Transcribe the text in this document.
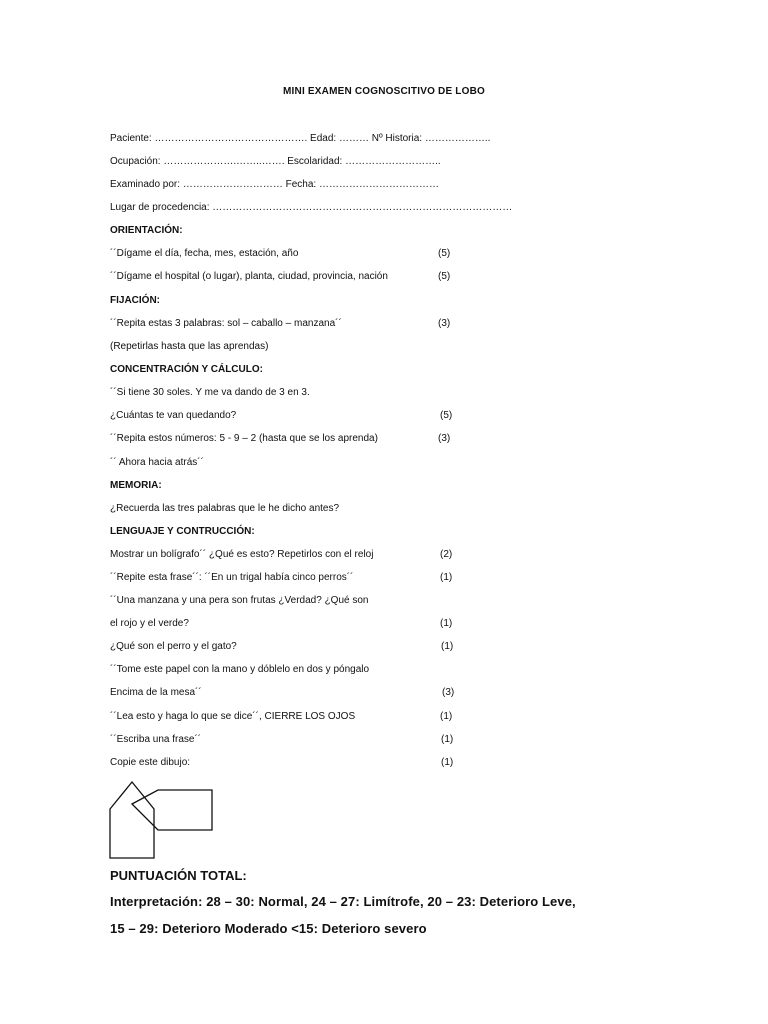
MINI EXAMEN COGNOSCITIVO DE LOBO
Paciente: ………………………………………. Edad: ……… Nº Historia: ………………..
Ocupación: ………………….……..……. Escolaridad: ………………………..
Examinado por: ………………………… Fecha: ………………………………
Lugar de procedencia: ………………………………………………………………………………
ORIENTACIÓN:
´´Dígame el día, fecha, mes, estación, año	(5)
´´Dígame el hospital (o lugar), planta, ciudad, provincia, nación	(5)
FIJACIÓN:
´´Repita estas 3 palabras: sol – caballo – manzana´´	(3)
(Repetirlas hasta que las aprendas)
CONCENTRACIÓN Y CÁLCULO:
´´Si tiene 30 soles. Y me va dando de 3 en 3.
¿Cuántas te van quedando?	(5)
´´Repita estos números: 5 - 9 – 2 (hasta que se los aprenda)	(3)
´´ Ahora hacia atrás´´
MEMORIA:
¿Recuerda las tres palabras que le he dicho antes?
LENGUAJE Y CONTRUCCIÓN:
Mostrar un bolígrafo´´ ¿Qué es esto? Repetirlos con el reloj	(2)
´´Repite esta frase´´: ´´En un trigal había cinco perros´´	(1)
´´Una manzana y una pera son frutas ¿Verdad? ¿Qué son
el rojo y el verde?	(1)
¿Qué son el perro y el gato?	(1)
´´Tome este papel con la mano y dóblelo en dos y póngalo
Encima de la mesa´´	(3)
´´Lea esto y haga lo que se dice´´, CIERRE LOS OJOS	(1)
´´Escriba una frase´´	(1)
Copie este dibujo:	(1)
PUNTUACIÓN TOTAL:
Interpretación: 28 – 30: Normal, 24 – 27: Limítrofe, 20 – 23: Deterioro Leve,
15 – 29: Deterioro Moderado <15: Deterioro severo
